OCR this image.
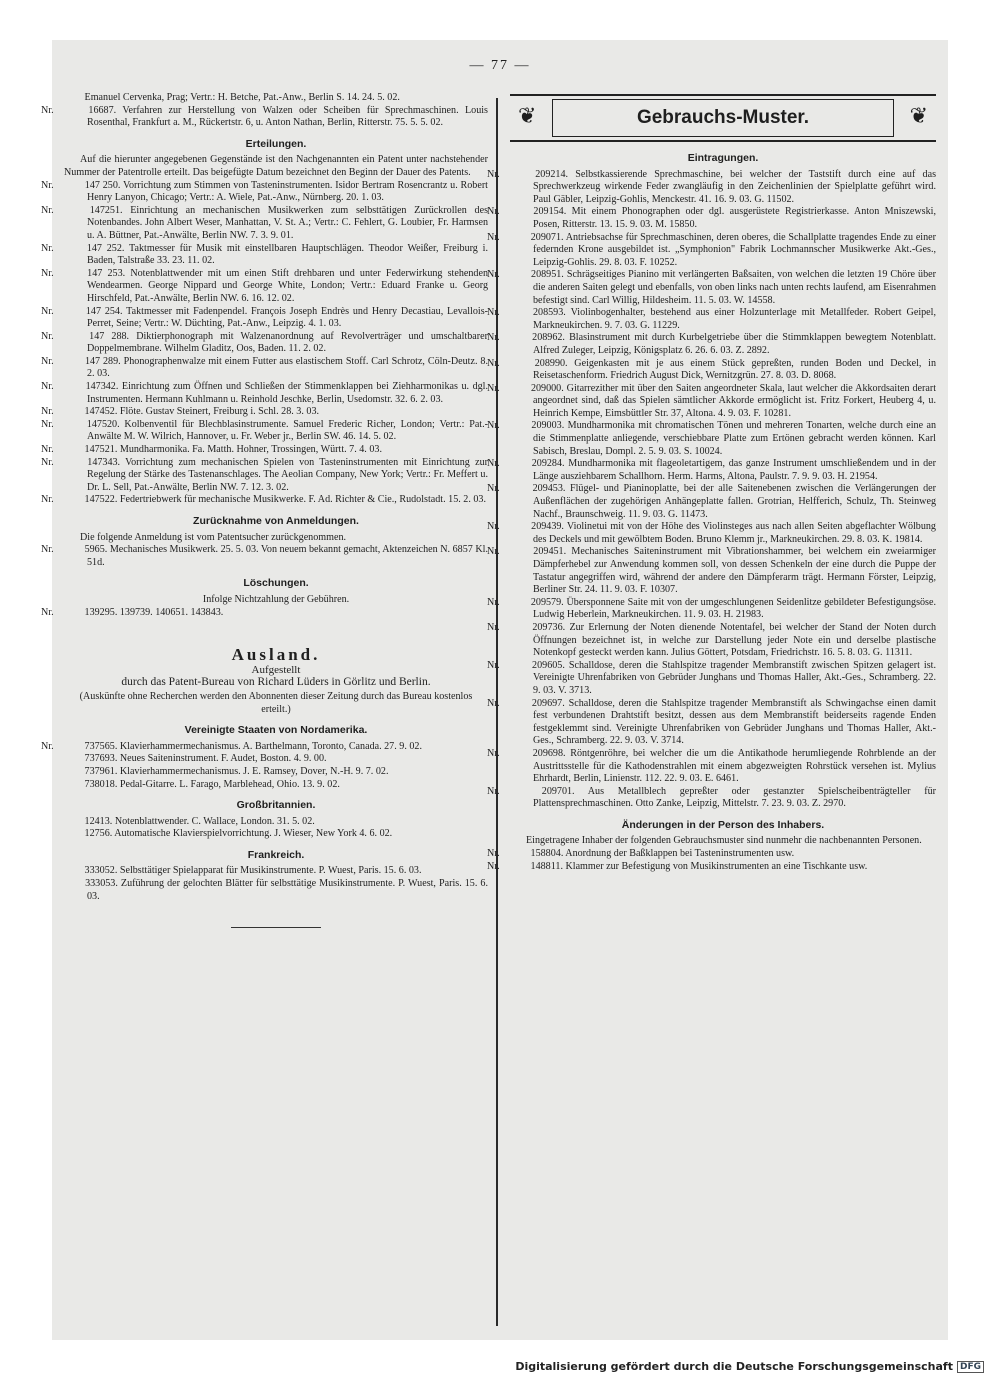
— 77 —

Emanuel Cervenka, Prag; Vertr.: H. Betche, Pat.-Anw., Berlin S. 14. 24. 5. 02.

Nr.	16687. Verfahren zur Herstellung von Walzen oder Scheiben für Sprechmaschinen. Louis Rosenthal, Frankfurt a. M., Rückertstr. 6, u. Anton Nathan, Berlin, Ritterstr. 75. 5. 5. 02.

Erteilungen.

Auf die hierunter angegebenen Gegenstände ist den Nachgenannten ein Patent unter nachstehender Nummer der Patentrolle erteilt. Das beigefügte Datum bezeichnet den Beginn der Dauer des Patents.

Nr.	147 250. Vorrichtung zum Stimmen von Tasteninstrumenten. Isidor Bertram Rosencrantz u. Robert Henry Lanyon, Chicago; Vertr.: A. Wiele, Pat.-Anw., Nürnberg. 20. 1. 03.

Nr.	147251. Einrichtung an mechanischen Musikwerken zum selbsttätigen Zurückrollen des Notenbandes. John Albert Weser, Manhattan, V. St. A.; Vertr.: C. Fehlert, G. Loubier, Fr. Harmsen u. A. Büttner, Pat.-Anwälte, Berlin NW. 7. 3. 9. 01.

Nr.	147 252. Taktmesser für Musik mit einstellbaren Hauptschlägen. Theodor Weißer, Freiburg i. Baden, Talstraße 33. 23. 11. 02.

Nr.	147 253. Notenblattwender mit um einen Stift drehbaren und unter Federwirkung stehenden Wendearmen. George Nippard und George White, London; Vertr.: Eduard Franke u. Georg Hirschfeld, Pat.-Anwälte, Berlin NW. 6. 16. 12. 02.

Nr.	147 254. Taktmesser mit Fadenpendel. François Joseph Endrès und Henry Decastiau, Levallois-Perret, Seine; Vertr.: W. Düchting, Pat.-Anw., Leipzig. 4. 1. 03.

Nr.	147 288. Diktierphonograph mit Walzenanordnung auf Revolverträger und umschaltbarer Doppelmembrane. Wilhelm Gladitz, Oos, Baden. 11. 2. 02.

Nr.	147 289. Phonographenwalze mit einem Futter aus elastischem Stoff. Carl Schrotz, Cöln-Deutz. 8. 2. 03.

Nr.	147342. Einrichtung zum Öffnen und Schließen der Stimmenklappen bei Ziehharmonikas u. dgl. Instrumenten. Hermann Kuhlmann u. Reinhold Jeschke, Berlin, Usedomstr. 32. 6. 2. 03.

Nr.	147452. Flöte. Gustav Steinert, Freiburg i. Schl. 28. 3. 03.

Nr.	147520. Kolbenventil für Blechblasinstrumente. Samuel Frederic Richer, London; Vertr.: Pat.-Anwälte M. W. Wilrich, Hannover, u. Fr. Weber jr., Berlin SW. 46. 14. 5. 02.

Nr.	147521. Mundharmonika. Fa. Matth. Hohner, Trossingen, Württ. 7. 4. 03.

Nr.	147343. Vorrichtung zum mechanischen Spielen von Tasteninstrumenten mit Einrichtung zur Regelung der Stärke des Tastenanschlages. The Aeolian Company, New York; Vertr.: Fr. Meffert u. Dr. L. Sell, Pat.-Anwälte, Berlin NW. 7. 12. 3. 02.

Nr.	147522. Federtriebwerk für mechanische Musikwerke. F. Ad. Richter & Cie., Rudolstadt. 15. 2. 03.

Zurücknahme von Anmeldungen.

Die folgende Anmeldung ist vom Patentsucher zurückgenommen.

Nr.	5965. Mechanisches Musikwerk. 25. 5. 03. Von neuem bekannt gemacht, Aktenzeichen N. 6857 Kl. 51d.

Löschungen.

Infolge Nichtzahlung der Gebühren.

Nr.	139295. 139739. 140651. 143843.

Ausland.

Aufgestellt

durch das Patent-Bureau von Richard Lüders in Görlitz und Berlin.

(Auskünfte ohne Recherchen werden den Abonnenten dieser Zeitung durch das Bureau kostenlos erteilt.)

Vereinigte Staaten von Nordamerika.

Nr.	737565. Klavierhammermechanismus. A. Barthelmann, Toronto, Canada. 27. 9. 02.

737693. Neues Saiteninstrument. F. Audet, Boston. 4. 9. 00.

737961. Klavierhammermechanismus. J. E. Ramsey, Dover, N.-H. 9. 7. 02.

738018. Pedal-Gitarre. L. Farago, Marblehead, Ohio. 13. 9. 02.

Großbritannien.

12413. Notenblattwender. C. Wallace, London. 31. 5. 02.

12756. Automatische Klavierspielvorrichtung. J. Wieser, New York 4. 6. 02.

Frankreich.

333052. Selbsttätiger Spielapparat für Musikinstrumente. P. Wuest, Paris. 15. 6. 03.

333053. Zuführung der gelochten Blätter für selbsttätige Musikinstrumente. P. Wuest, Paris. 15. 6. 03.

❦	Gebrauchs-Muster.	❦
Eintragungen.

Nr.	209214. Selbstkassierende Sprechmaschine, bei welcher der Taststift durch eine auf das Sprechwerkzeug wirkende Feder zwangläufig in den Zeichenlinien der Spielplatte geführt wird. Paul Gäbler, Leipzig-Gohlis, Menckestr. 41. 16. 9. 03. G. 11502.

Nr.	209154. Mit einem Phonographen oder dgl. ausgerüstete Registrierkasse. Anton Mniszewski, Posen, Ritterstr. 13. 15. 9. 03. M. 15850.

Nr.	209071. Antriebsachse für Sprechmaschinen, deren oberes, die Schallplatte tragendes Ende zu einer federnden Krone ausgebildet ist. „Symphonion" Fabrik Lochmannscher Musikwerke Akt.-Ges., Leipzig-Gohlis. 29. 8. 03. F. 10252.

Nr.	208951. Schrägseitiges Pianino mit verlängerten Baßsaiten, von welchen die letzten 19 Chöre über die anderen Saiten gelegt und ebenfalls, von oben links nach unten rechts laufend, am Eisenrahmen befestigt sind. Carl Willig, Hildesheim. 11. 5. 03. W. 14558.

Nr.	208593. Violinbogenhalter, bestehend aus einer Holzunterlage mit Metallfeder. Robert Geipel, Markneukirchen. 9. 7. 03. G. 11229.

Nr.	208962. Blasinstrument mit durch Kurbelgetriebe über die Stimmklappen bewegtem Notenblatt. Alfred Zuleger, Leipzig, Königsplatz 6. 26. 6. 03. Z. 2892.

Nr.	208990. Geigenkasten mit je aus einem Stück gepreßten, runden Boden und Deckel, in Reisetaschenform. Friedrich August Dick, Wernitzgrün. 27. 8. 03. D. 8068.

Nr.	209000. Gitarrezither mit über den Saiten angeordneter Skala, laut welcher die Akkordsaiten derart angeordnet sind, daß das Spielen sämtlicher Akkorde ermöglicht ist. Fritz Forkert, Heuberg 4, u. Heinrich Kempe, Eimsbüttler Str. 37, Altona. 4. 9. 03. F. 10281.

Nr.	209003. Mundharmonika mit chromatischen Tönen und mehreren Tonarten, welche durch eine an die Stimmenplatte anliegende, verschiebbare Platte zum Ertönen gebracht werden können. Karl Sabisch, Breslau, Dompl. 2. 5. 9. 03. S. 10024.

Nr.	209284. Mundharmonika mit flageoletartigem, das ganze Instrument umschließendem und in der Länge ausziehbarem Schallhorn. Herm. Harms, Altona, Paulstr. 7. 9. 9. 03. H. 21954.

Nr.	209453. Flügel- und Pianinoplatte, bei der alle Saitenebenen zwischen die Verlängerungen der Außenflächen der zugehörigen Anhängeplatte fallen. Grotrian, Helfferich, Schulz, Th. Steinweg Nachf., Braunschweig. 11. 9. 03. G. 11473.

Nr.	209439. Violinetui mit von der Höhe des Violinsteges aus nach allen Seiten abgeflachter Wölbung des Deckels und mit gewölbtem Boden. Bruno Klemm jr., Markneukirchen. 29. 8. 03. K. 19814.

Nr.	209451. Mechanisches Saiteninstrument mit Vibrationshammer, bei welchem ein zweiarmiger Dämpferhebel zur Anwendung kommen soll, von dessen Schenkeln der eine durch die Puppe der Tastatur angegriffen wird, während der andere den Dämpferarm trägt. Hermann Förster, Leipzig, Berliner Str. 24. 11. 9. 03. F. 10307.

Nr.	209579. Übersponnene Saite mit von der umgeschlungenen Seidenlitze gebildeter Befestigungsöse. Ludwig Heberlein, Markneukirchen. 11. 9. 03. H. 21983.

Nr.	209736. Zur Erlernung der Noten dienende Notentafel, bei welcher der Stand der Noten durch Öffnungen bezeichnet ist, in welche zur Darstellung jeder Note ein und derselbe plastische Notenkopf gesteckt werden kann. Julius Göttert, Potsdam, Friedrichstr. 16. 5. 8. 03. G. 11311.

Nr.	209605. Schalldose, deren die Stahlspitze tragender Membranstift zwischen Spitzen gelagert ist. Vereinigte Uhrenfabriken von Gebrüder Junghans und Thomas Haller, Akt.-Ges., Schramberg. 22. 9. 03. V. 3713.

Nr.	209697. Schalldose, deren die Stahlspitze tragender Membranstift als Schwingachse einen damit fest verbundenen Drahtstift besitzt, dessen aus dem Membranstift beiderseits ragende Enden festgeklemmt sind. Vereinigte Uhrenfabriken von Gebrüder Junghans und Thomas Haller, Akt.-Ges., Schramberg. 22. 9. 03. V. 3714.

Nr.	209698. Röntgenröhre, bei welcher die um die Antikathode herumliegende Rohrblende an der Austrittsstelle für die Kathodenstrahlen mit einem abgezweigten Rohrstück versehen ist. Mylius Ehrhardt, Berlin, Linienstr. 112. 22. 9. 03. E. 6461.

Nr.	209701. Aus Metallblech gepreßter oder gestanzter Spielscheibenträgteller für Plattensprechmaschinen. Otto Zanke, Leipzig, Mittelstr. 7. 23. 9. 03. Z. 2970.

Änderungen in der Person des Inhabers.

Eingetragene Inhaber der folgenden Gebrauchsmuster sind nunmehr die nachbenannten Personen.

Nr.	158804. Anordnung der Baßklappen bei Tasteninstrumenten usw.

Nr.	148811. Klammer zur Befestigung von Musikinstrumenten an eine Tischkante usw.

Digitalisierung gefördert durch die Deutsche Forschungsgemeinschaft DFG
